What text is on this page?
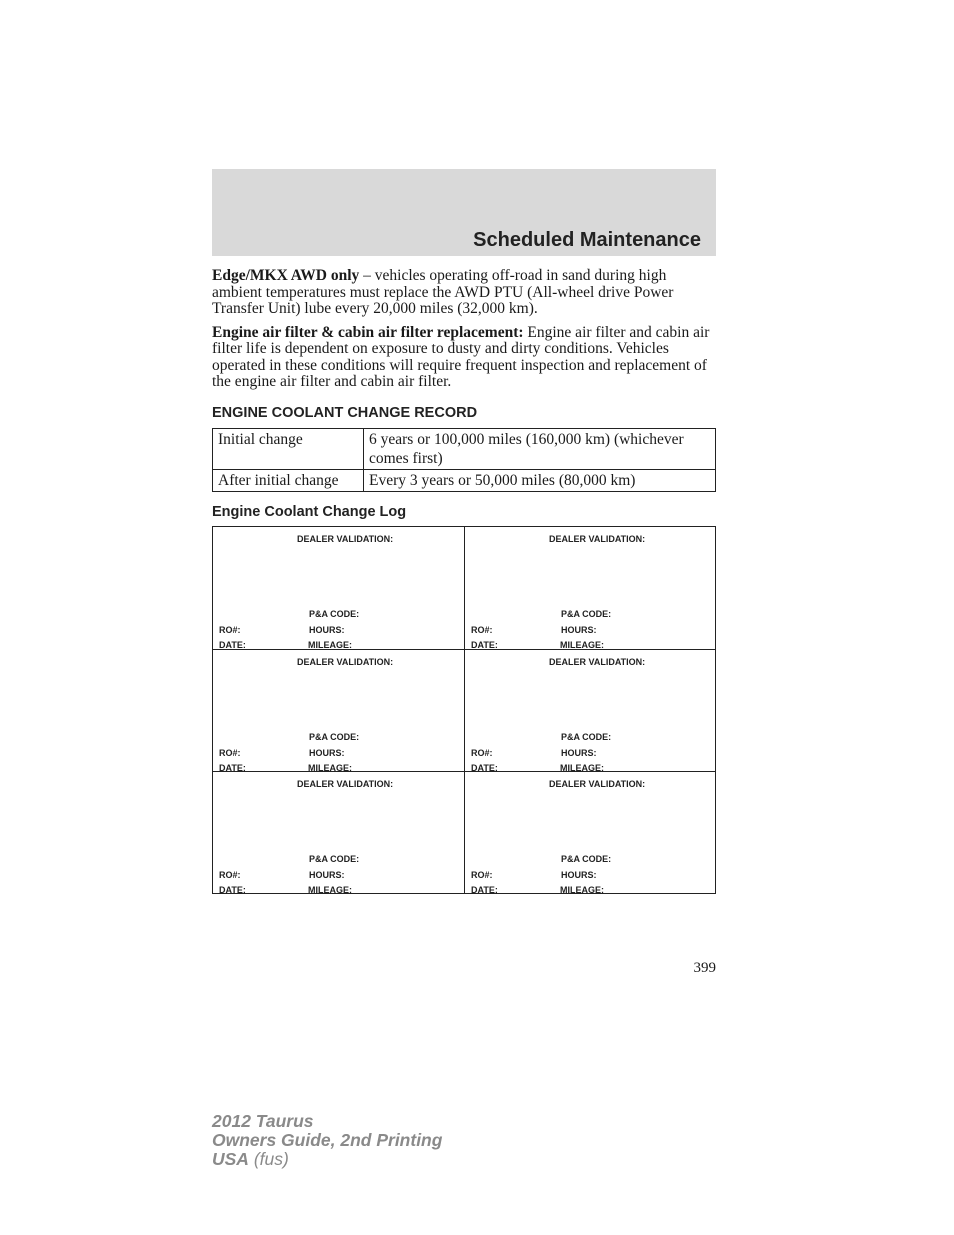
Scheduled Maintenance

Edge/MKX AWD only – vehicles operating off-road in sand during high ambient temperatures must replace the AWD PTU (All-wheel drive Power Transfer Unit) lube every 20,000 miles (32,000 km).

Engine air filter & cabin air filter replacement: Engine air filter and cabin air filter life is dependent on exposure to dusty and dirty conditions. Vehicles operated in these conditions will require frequent inspection and replacement of the engine air filter and cabin air filter.

ENGINE COOLANT CHANGE RECORD
Initial change	6 years or 100,000 miles (160,000 km) (whichever comes first)
After initial change	Every 3 years or 50,000 miles (80,000 km)
Engine Coolant Change Log
DEALER VALIDATION:
P&A CODE:
RO#:	HOURS:
DATE:	MILEAGE:
DEALER VALIDATION:
P&A CODE:
RO#:	HOURS:
DATE:	MILEAGE:
DEALER VALIDATION:
P&A CODE:
RO#:	HOURS:
DATE:	MILEAGE:
DEALER VALIDATION:
P&A CODE:
RO#:	HOURS:
DATE:	MILEAGE:
DEALER VALIDATION:
P&A CODE:
RO#:	HOURS:
DATE:	MILEAGE:
DEALER VALIDATION:
P&A CODE:
RO#:	HOURS:
DATE:	MILEAGE:
399
2012 Taurus
Owners Guide, 2nd Printing
USA (fus)
